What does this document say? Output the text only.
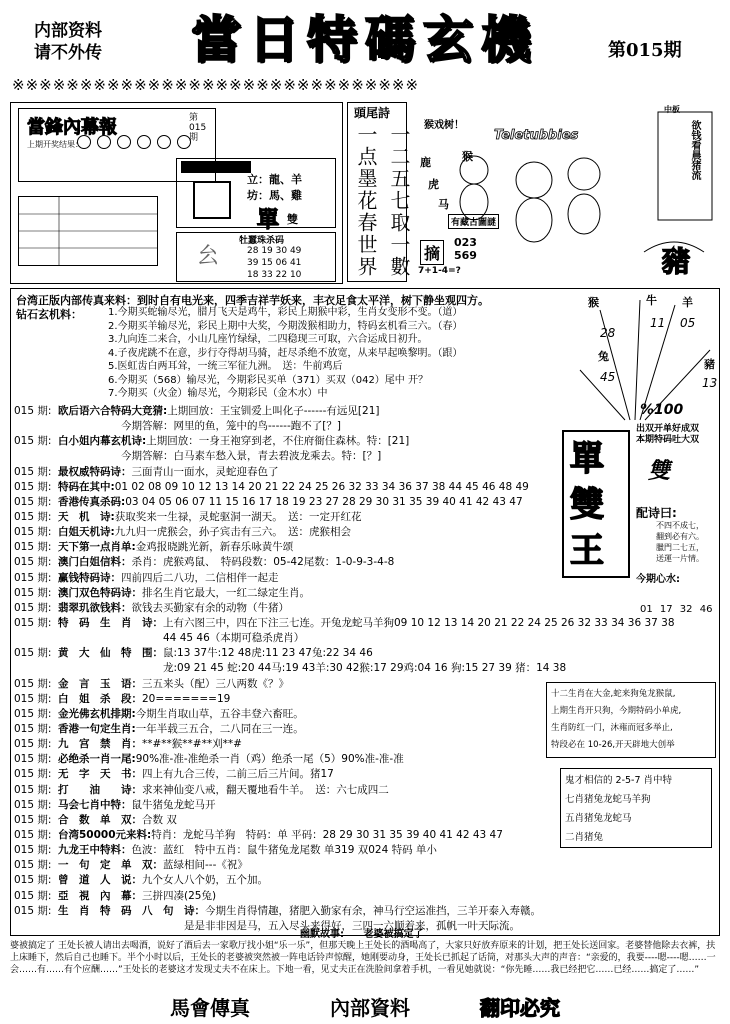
内部资料
请不外传	當日特碼玄機	第015期
※※※※※※※※※※※※※※※※※※※※※※※※※※※※※※
當鋒內幕報	第015期
上期开奖结果：
立：龍、羊
坊：馬、雞
單 雙
㕕
牡蠶珠杀码
28 19 30 49
39 15 06 41
18 33 22 10
頭尾詩
一点墨花春世界 一二五七取一數	猴戏树！
Teletubbies
鹿	猴
虎
马
有藏古圖謎
中板
欲钱看晨猪流
摘
023
569
7+1-4=?	豬
台湾正版内部传真来料：到时自有电光来，四季吉祥芋妖来，丰衣足食太平洋，树下静坐观四方。
钻石玄机料：	1.今期买蛇输尽光，腊月飞天是鸡牛，彩民上期猴中彩，生肖女变形不变。（道）
2.今期买羊输尽光，彩民上期中大奖，今期泼猴相助力，特码玄机看三六。（春）
3.九向连二来合，小山几座竹绿绿，二四稳现三可取，六合运成日初升。
4.子夜虎跳不在意，步行夺得胡马骑，赶尽杀绝不放宽，从来早起唤黎明。（跟）
5.医虹齿白两耳耸，一统三军征九洲。　送：牛前鸡后
6.今期买（568）输尽光，今期彩民买单（371）买双（042）尾中 开？
7.今期买（火金）输尽光，今期彩民（金木水）中
015 期: 欧后语六合特码大竞猜:上期回放：王宝钏爱上叫化子------有远见[21]
　　　　　　今期答解：网里的鱼，笼中的鸟------跑不了[？]
015 期: 白小姐内幕玄机诗:上期回放：一身王袍穿到老，不住府衙住森林。特：[21]
　　　　　　今期答解：白马素车愁入景，青去碧波龙乘去。特：[？]
015 期: 最权威特码诗：三面青山一面水，灵蛇迎春色了
015 期: 特码在其中:01 02 08 09 10 12 13 14 20 21 22 24 25 26 32 33 34 36 37 38 44 45 46 48 49
015 期: 香港传真杀码:03 04 05 06 07 11 15 16 17 18 19 23 27 28 29 30 31 35 39 40 41 42 43 47
015 期: 天　机　诗:获取奖来一生禄，灵蛇驱洞一湖天。　送：一定开红花
015 期: 白姐天机诗:九九归一虎猴会，孙子宾击有三六。　送：虎猴相会
015 期: 天下第一点肖单:金鸡报晓跳光新，新春乐咏黄牛颂
015 期: 澳门白姐信料：杀肖：虎猴鸡鼠、　特码段数：05-42尾数：1-0-9-3-4-8
015 期: 赢钱特码诗：四前四后二八功，二信相伴一起走
015 期: 澳门双色特码诗：排名生肖它最大，一红二绿定生肖。
015 期: 翡翠玑欲钱料：欲钱去买勤家有余的动物（牛猪）
015 期: 特　码　生　肖　诗：上有六图三中，四在下注三七连。开兔龙蛇马羊狗09 10 12 13 14 20 21 22 24 25 26 32 33 34 36 37 38
　　　　　　　　　　44 45 46（本期可稳杀虎肖）
015 期: 黄　大　仙　特　围：鼠:13 37牛:12 48虎:11 23 47兔:22 34 46
　　　　　　　　　　龙:09 21 45 蛇:20 44马:19 43羊:30 42猴:17 29鸡:04 16 狗:15 27 39 猪：14 38
015 期: 金　言　玉　语：三五来头（配）三八两数《？》
015 期: 白　姐　杀　段：20=======19
015 期: 金光佛玄机排期:今期生肖取山草，五谷丰登六畜旺。
015 期: 香港一句定生肖:一年半载三五合，二八同在三一连。
015 期: 九　宫　禁　肖：**#**猴**#**刈**#
015 期: 必绝杀一肖一尾:90%准-准-准绝杀一肖（鸡）绝杀一尾（5）90%准-准-准
015 期: 无　字　天　书：四上有九合三传，二前三后三片间。猪17
015 期: 打　　油　　诗：求来神仙变八戒，翻天覆地看牛羊。　送：六七成四二
015 期: 马会七肖中特：鼠牛猪兔龙蛇马开
015 期: 合　数　单　双：合数 双
015 期: 台湾50000元来料:特肖：龙蛇马羊狗　特码：单 平码：28 29 30 31 35 39 40 41 42 43 47
015 期: 九龙王中特料：色波：蓝红　特中五肖：鼠牛猪兔龙尾数 单319 双024 特码 单小
015 期: 一　句　定　单　双：蓝绿相间---《祝》
015 期: 曾　道　人　说：九个女人八个奶，五个加。
015 期: 亞　視　內　幕：三拼四凑(25兔)
015 期: 生　肖　特　码　八　句　诗：今期生肖得情趣，猪肥入勤家有余，神马行空运准挡，三羊开泰入寿赣。
　　　　　　　　　　　　是是非非因是马，五入尽头来得好，三四一六顺着来，孤帆一叶天际流。
猴	牛 羊
兔
豬
28
11 05
45	13
%100
出双开单好成双
本期特码吐大双
單
雙
王
雙
配诗曰:
不四不成七，
翻到必有六。
臘門二七五，
送運一片情。
今期心水:
01 17 32 46
十二生肖在大金,蛇来狗兔龙猴鼠,
上期生肖开只狗，今期特码小单虎,
生肖防红一门，沐雍而冠多举止,
特段必在 10-26,开天辟地大创举
鬼才相信的 2-5-7 肖中特
七肖猪兔龙蛇马羊狗
五肖猪兔龙蛇马
二肖猪兔
幽默故事: 老婆被搞定了
婆被搞定了 王处长被人请出去喝酒，说好了酒后去一家歌厅找小姐“乐一乐”，但那天晚上王处长的酒喝高了，大家只好放弃原来的计划，把王处长送回家。老婆替他除去衣裤，扶上床睡下，然后自己也睡下。半个小时以后，王处长的老婆被突然被一阵电话铃声惊醒，她刚要动身，王处长已抓起了话筒，对那头大声的声音：“亲爱的，我要----嗯----嗯……一会……有……有个应酬……”王处长的老婆这才发现丈夫不在床上。下地一看，见丈夫正在洗脸间拿着手机，一看见她就说：“你先睡……我已经把它……已经……搞定了……”
馬會傳真	內部資料	翻印必究
